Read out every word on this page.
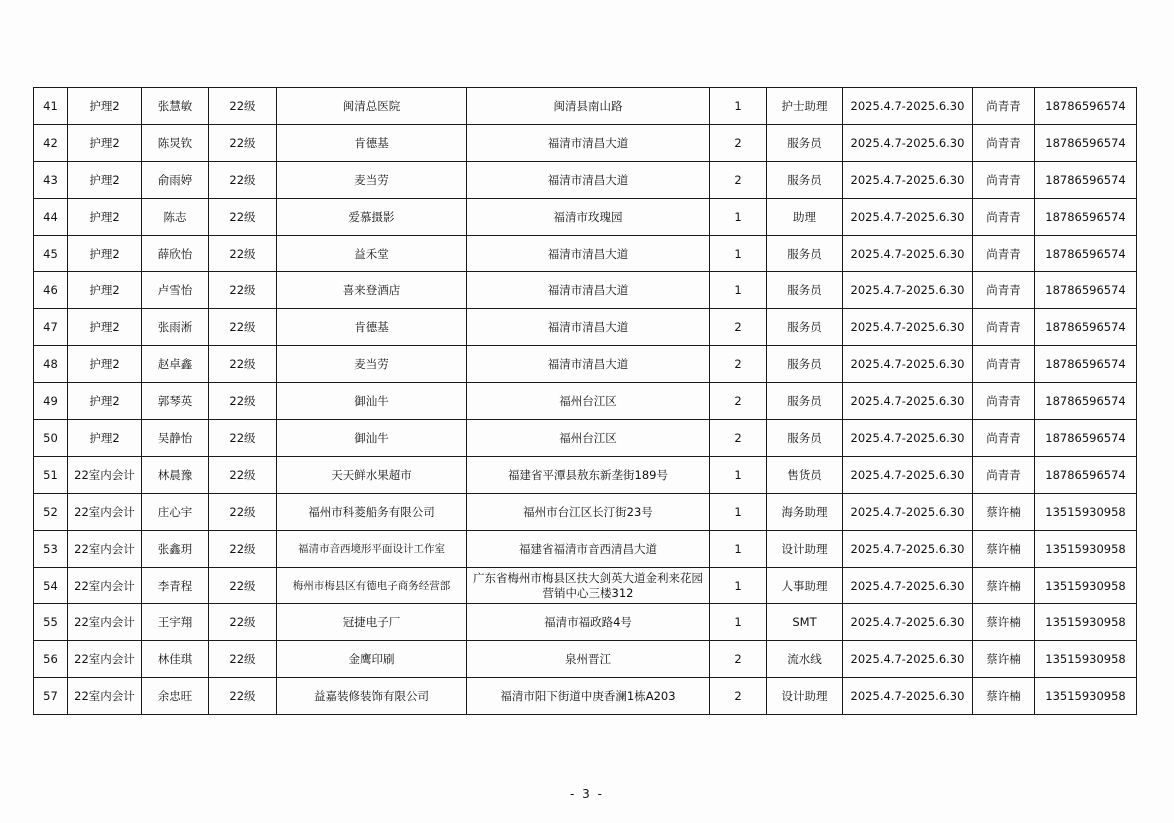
41	护理2	张慧敏	22级	闽清总医院	闽清县南山路	1	护士助理	2025.4.7-2025.6.30	尚青青	18786596574
42	护理2	陈炅钦	22级	肯德基	福清市清昌大道	2	服务员	2025.4.7-2025.6.30	尚青青	18786596574
43	护理2	俞雨婷	22级	麦当劳	福清市清昌大道	2	服务员	2025.4.7-2025.6.30	尚青青	18786596574
44	护理2	陈志	22级	爱慕摄影	福清市玫瑰园	1	助理	2025.4.7-2025.6.30	尚青青	18786596574
45	护理2	薛欣怡	22级	益禾堂	福清市清昌大道	1	服务员	2025.4.7-2025.6.30	尚青青	18786596574
46	护理2	卢雪怡	22级	喜来登酒店	福清市清昌大道	1	服务员	2025.4.7-2025.6.30	尚青青	18786596574
47	护理2	张雨淅	22级	肯德基	福清市清昌大道	2	服务员	2025.4.7-2025.6.30	尚青青	18786596574
48	护理2	赵卓鑫	22级	麦当劳	福清市清昌大道	2	服务员	2025.4.7-2025.6.30	尚青青	18786596574
49	护理2	郭琴英	22级	御汕牛	福州台江区	2	服务员	2025.4.7-2025.6.30	尚青青	18786596574
50	护理2	吴静怡	22级	御汕牛	福州台江区	2	服务员	2025.4.7-2025.6.30	尚青青	18786596574
51	22室内会计	林晨豫	22级	天天鲜水果超市	福建省平潭县敖东新垄街189号	1	售货员	2025.4.7-2025.6.30	尚青青	18786596574
52	22室内会计	庄心宇	22级	福州市科菱船务有限公司	福州市台江区长汀街23号	1	海务助理	2025.4.7-2025.6.30	蔡许楠	13515930958
53	22室内会计	张鑫玥	22级	福清市音西境形平面设计工作室	福建省福清市音西清昌大道	1	设计助理	2025.4.7-2025.6.30	蔡许楠	13515930958
54	22室内会计	李青程	22级	梅州市梅县区有德电子商务经营部	广东省梅州市梅县区扶大剑英大道金利来花园营销中心三楼312	1	人事助理	2025.4.7-2025.6.30	蔡许楠	13515930958
55	22室内会计	王宇翔	22级	冠捷电子厂	福清市福政路4号	1	SMT	2025.4.7-2025.6.30	蔡许楠	13515930958
56	22室内会计	林佳琪	22级	金鹰印刷	泉州晋江	2	流水线	2025.4.7-2025.6.30	蔡许楠	13515930958
57	22室内会计	余忠旺	22级	益嘉装修装饰有限公司	福清市阳下街道中庚香澜1栋A203	2	设计助理	2025.4.7-2025.6.30	蔡许楠	13515930958
- 3 -
